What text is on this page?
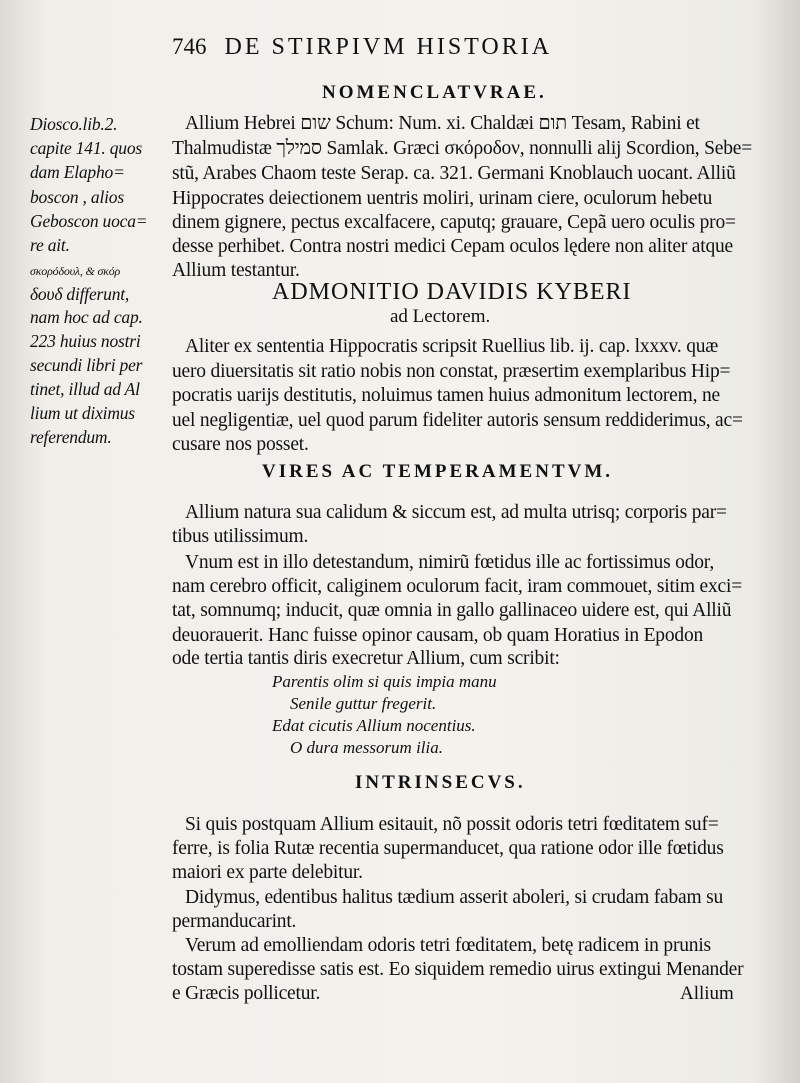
746 DE STIRPIVM HISTORIA
Diosco.lib.2.
capite 141. quos
dam Elapho=
boscon , alios
Geboscon uoca=
re ait.
σκορόδουλ, & σκόρ
δουδ differunt,
nam hoc ad cap.
223 huius nostri
secundi libri per
tinet, illud ad Al
lium ut diximus
referendum.
NOMENCLATVRAE.
Allium Hebrei שום Schum: Num. xi. Chaldæi תום Tesam, Rabini et
Thalmudistæ סמילך Samlak. Græci σκόροδον, nonnulli alij Scordion, Sebe=
stũ, Arabes Chaom teste Serap. ca. 321. Germani Knoblauch uocant. Alliũ
Hippocrates deiectionem uentris moliri, urinam ciere, oculorum hebetu
dinem gignere, pectus excalfacere, caputq; grauare, Cepã uero oculis pro=
desse perhibet. Contra nostri medici Cepam oculos lędere non aliter atque
Allium testantur.
ADMONITIO DAVIDIS KYBERI
ad Lectorem.
Aliter ex sententia Hippocratis scripsit Ruellius lib. ij. cap. lxxxv. quæ
uero diuersitatis sit ratio nobis non constat, præsertim exemplaribus Hip=
pocratis uarijs destitutis, noluimus tamen huius admonitum lectorem, ne
uel negligentiæ, uel quod parum fideliter autoris sensum reddiderimus, ac=
cusare nos posset.
VIRES AC TEMPERAMENTVM.
Allium natura sua calidum & siccum est, ad multa utrisq; corporis par=
tibus utilissimum.
Vnum est in illo detestandum, nimirũ fœtidus ille ac fortissimus odor,
nam cerebro officit, caliginem oculorum facit, iram commouet, sitim exci=
tat, somnumq; inducit, quæ omnia in gallo gallinaceo uidere est, qui Alliũ
deuorauerit. Hanc fuisse opinor causam, ob quam Horatius in Epodon
ode tertia tantis diris execretur Allium, cum scribit:
Parentis olim si quis impia manu
Senile guttur fregerit.
Edat cicutis Allium nocentius.
O dura messorum ilia.
INTRINSECVS.
Si quis postquam Allium esitauit, nõ possit odoris tetri fœditatem suf=
ferre, is folia Rutæ recentia supermanducet, qua ratione odor ille fœtidus
maiori ex parte delebitur.
Didymus, edentibus halitus tædium asserit aboleri, si crudam fabam su
permanducarint.
Verum ad emolliendam odoris tetri fœditatem, betę radicem in prunis
tostam superedisse satis est. Eo siquidem remedio uirus extingui Menander
e Græcis pollicetur.	Allium
